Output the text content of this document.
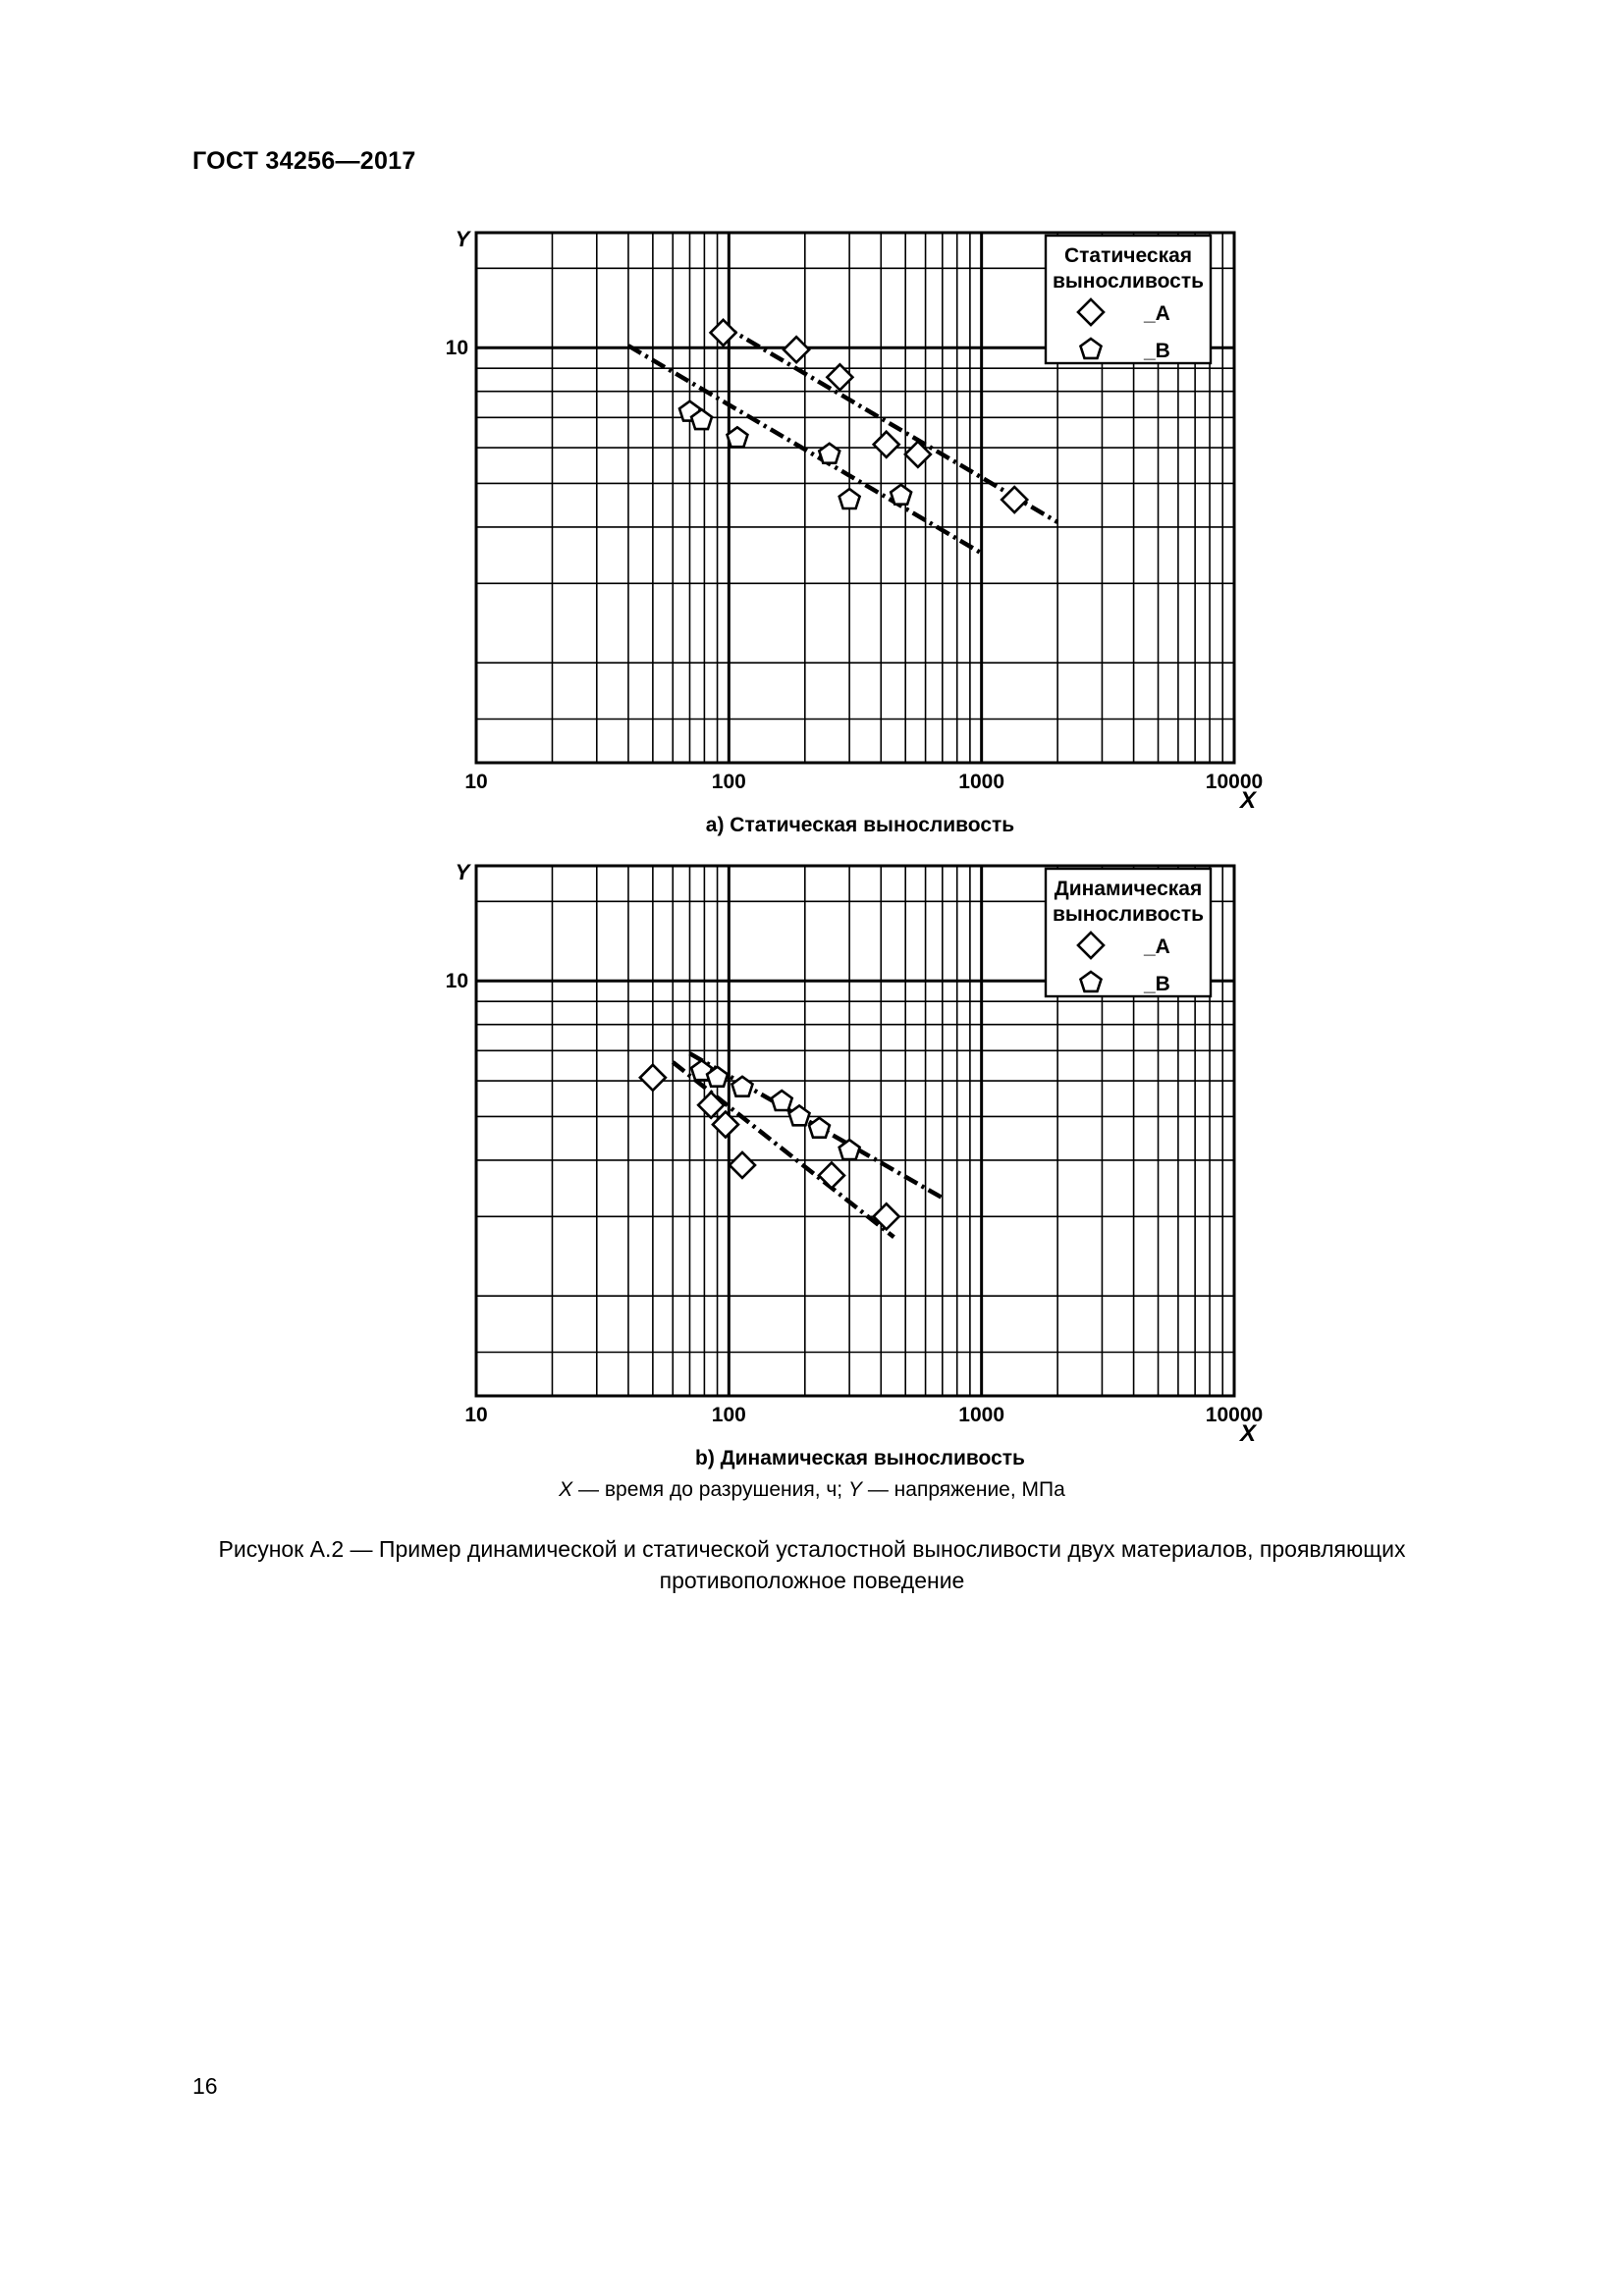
ГОСТ 34256—2017
10	100	1000	10000
10
Y
X
а) Статическая выносливость
Статическая
выносливость
_A
_B
10	100	1000	10000
10
Y
X
b) Динамическая выносливость
Динамическая
выносливость
_A
_B
X — время до разрушения, ч; Y — напряжение, МПа
Рисунок А.2 — Пример динамической и статической усталостной выносливости двух материалов, проявляющих
противоположное поведение
16
